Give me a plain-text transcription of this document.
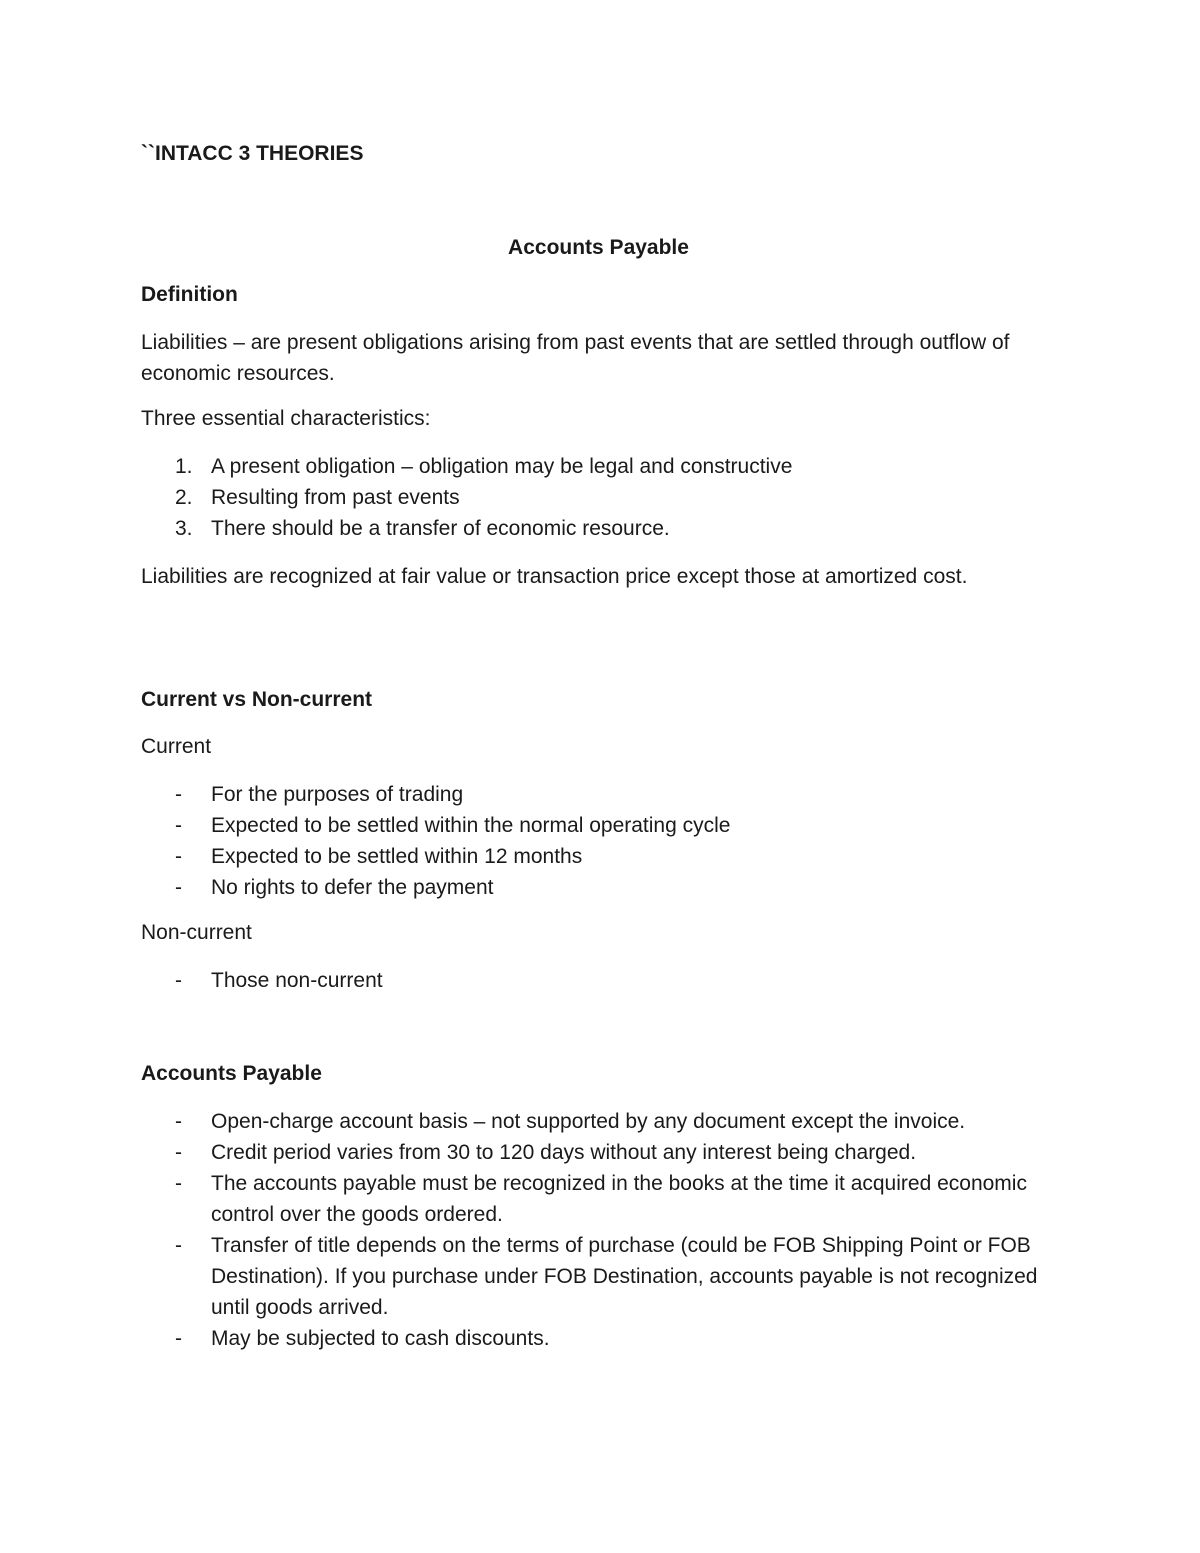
``INTACC 3 THEORIES
Accounts Payable
Definition
Liabilities – are present obligations arising from past events that are settled through outflow of economic resources.
Three essential characteristics:
1. A present obligation – obligation may be legal and constructive
2. Resulting from past events
3. There should be a transfer of economic resource.
Liabilities are recognized at fair value or transaction price except those at amortized cost.
Current vs Non-current
Current
- For the purposes of trading
- Expected to be settled within the normal operating cycle
- Expected to be settled within 12 months
- No rights to defer the payment
Non-current
- Those non-current
Accounts Payable
- Open-charge account basis – not supported by any document except the invoice.
- Credit period varies from 30 to 120 days without any interest being charged.
- The accounts payable must be recognized in the books at the time it acquired economic control over the goods ordered.
- Transfer of title depends on the terms of purchase (could be FOB Shipping Point or FOB Destination). If you purchase under FOB Destination, accounts payable is not recognized until goods arrived.
- May be subjected to cash discounts.
